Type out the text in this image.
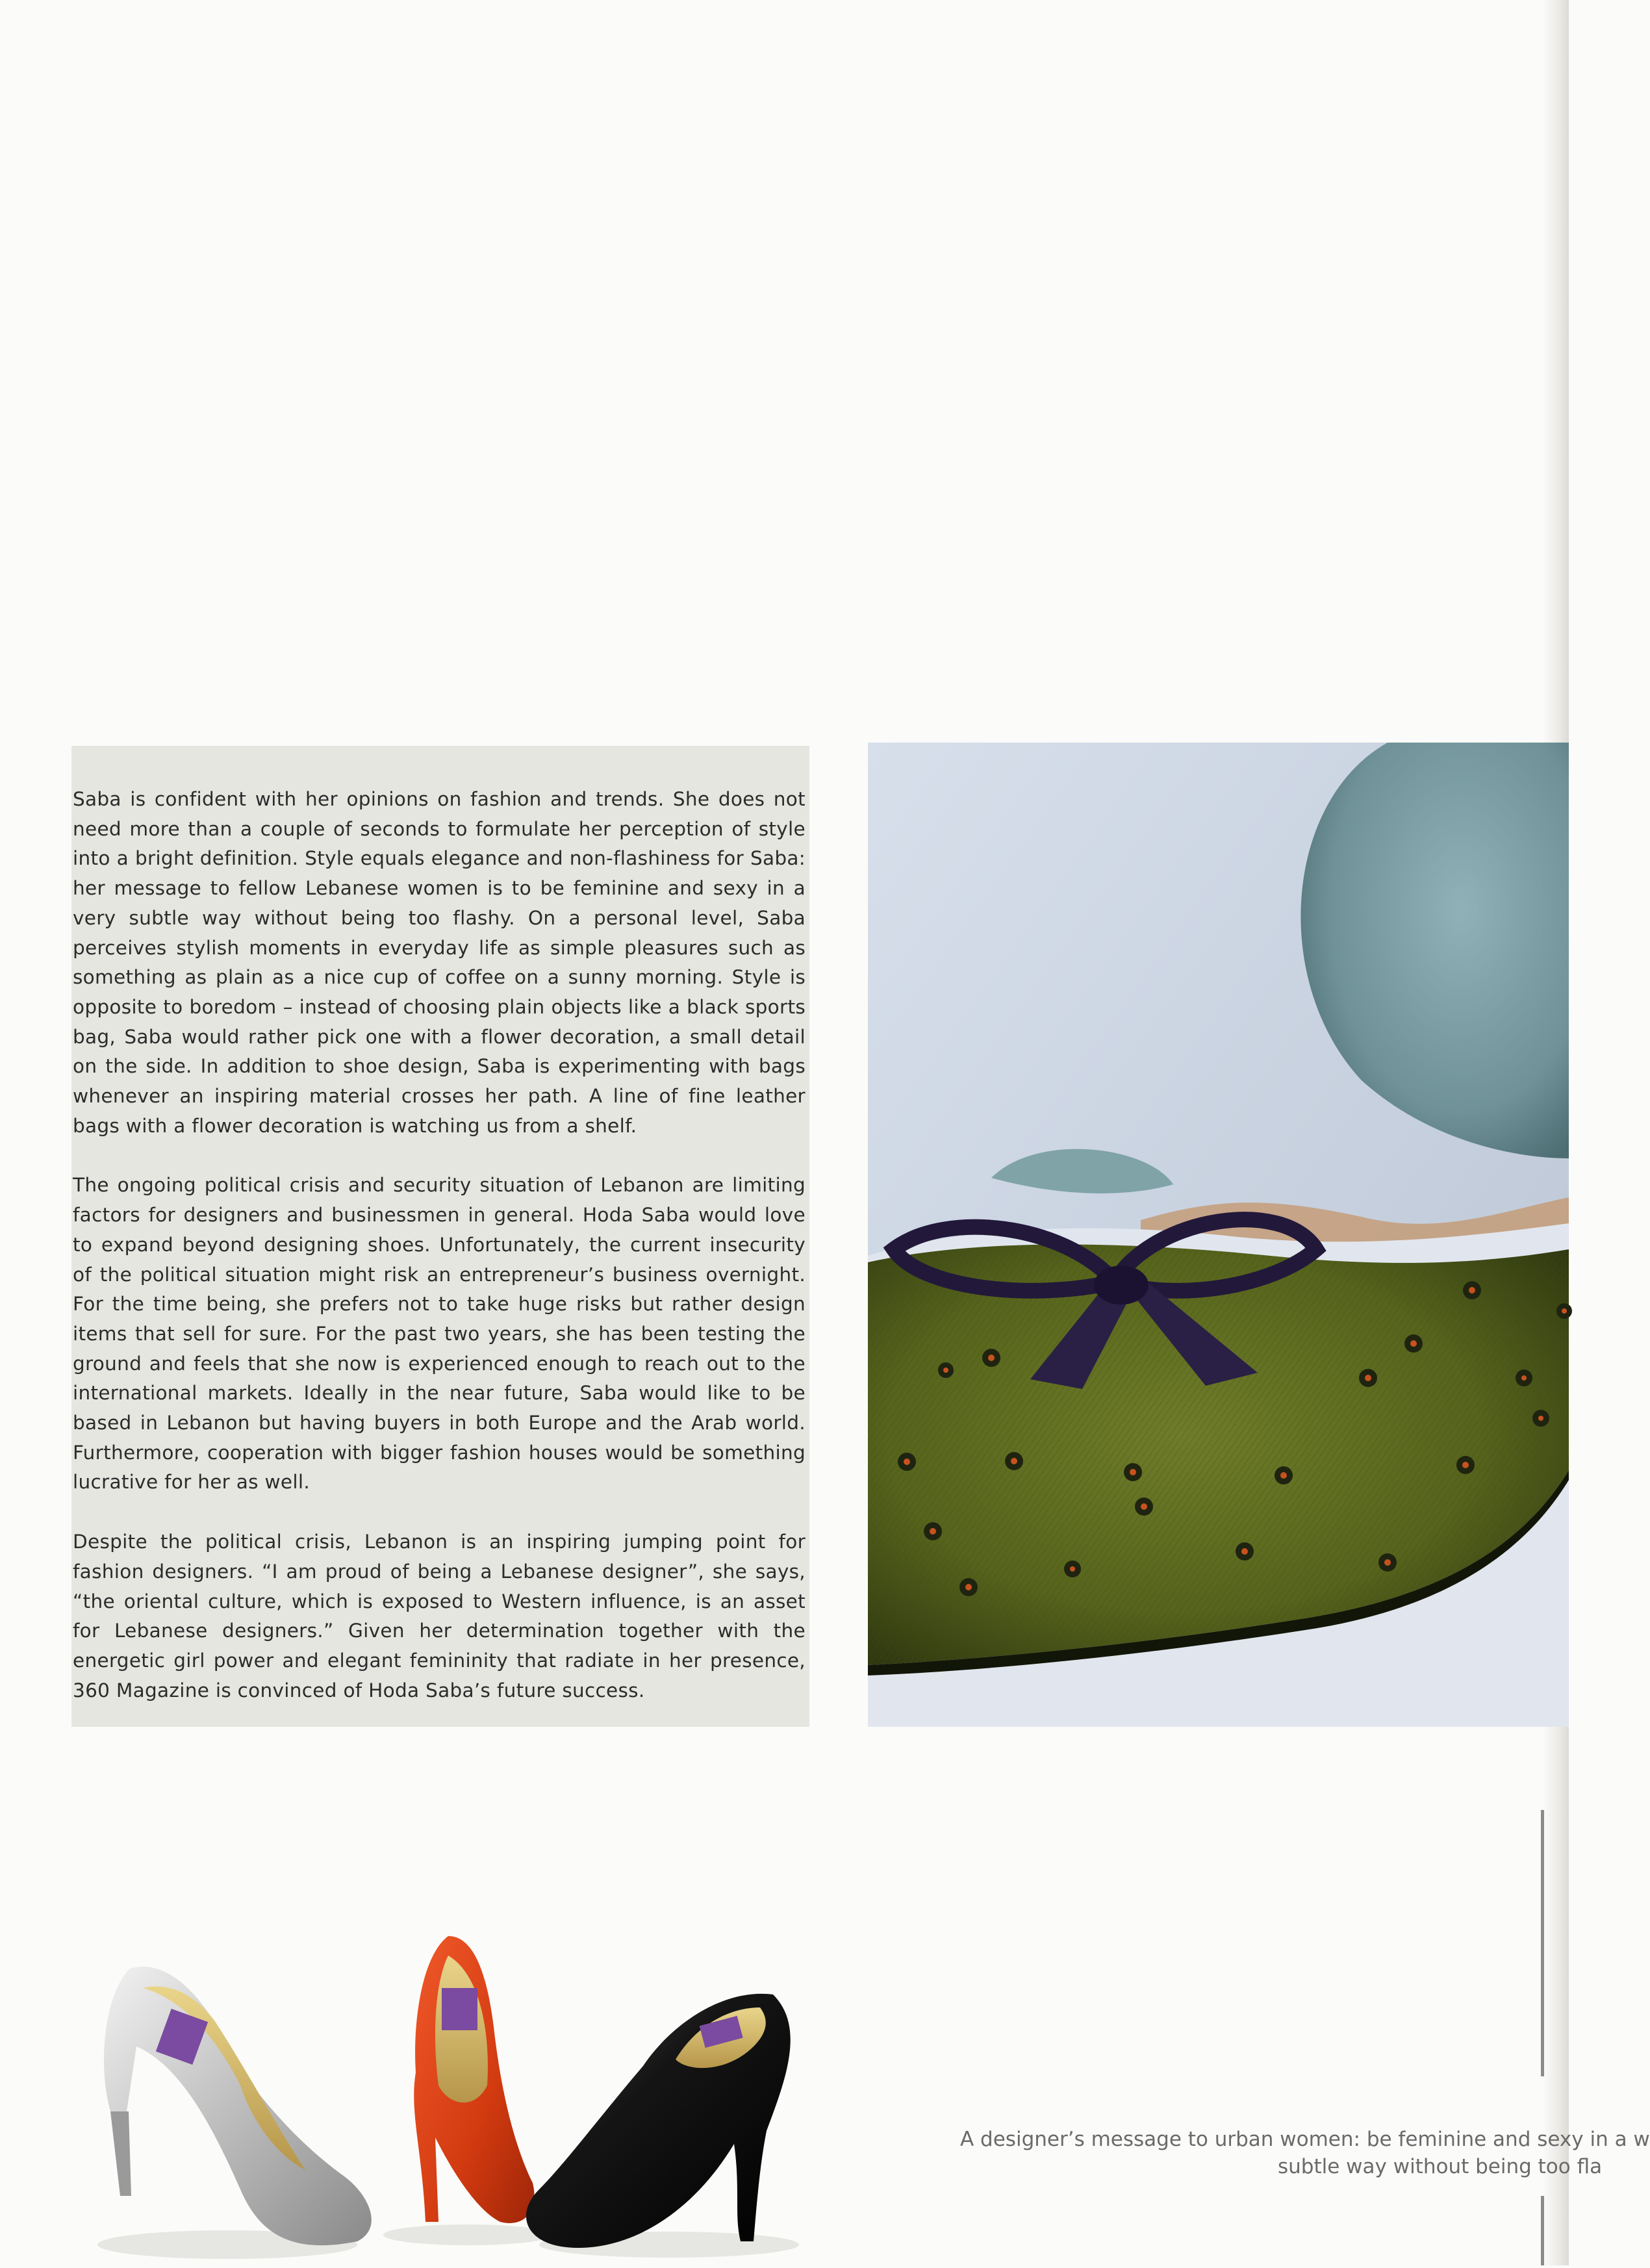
Saba is confident with her opinions on fashion and trends. She does not need more than a couple of seconds to formulate her perception of style into a bright definition. Style equals elegance and non-flashiness for Saba: her message to fellow Lebanese women is to be feminine and sexy in a very subtle way without being too flashy. On a personal level, Saba perceives stylish moments in everyday life as simple pleasures such as something as plain as a nice cup of coffee on a sunny morning. Style is opposite to boredom – instead of choosing plain objects like a black sports bag, Saba would rather pick one with a flower decoration, a small detail on the side. In addition to shoe design, Saba is experimenting with bags whenever an inspiring material crosses her path. A line of fine leather bags with a flower decoration is watching us from a shelf.

The ongoing political crisis and security situation of Lebanon are limiting factors for designers and businessmen in general. Hoda Saba would love to expand beyond designing shoes. Unfortunately, the current insecurity of the political situation might risk an entrepreneur’s business overnight. For the time being, she prefers not to take huge risks but rather design items that sell for sure. For the past two years, she has been testing the ground and feels that she now is experienced enough to reach out to the international markets. Ideally in the near future, Saba would like to be based in Lebanon but having buyers in both Europe and the Arab world. Furthermore, cooperation with bigger fashion houses would be something lucrative for her as well.

Despite the political crisis, Lebanon is an inspiring jumping point for fashion designers. “I am proud of being a Lebanese designer”, she says, “the oriental culture, which is exposed to Western influence, is an asset for Lebanese designers.” Given her determination together with the energetic girl power and elegant femininity that radiate in her presence, 360 Magazine is convinced of Hoda Saba’s future success.

A designer’s message to urban women: be feminine and sexy in a w
subtle way without being too fla
